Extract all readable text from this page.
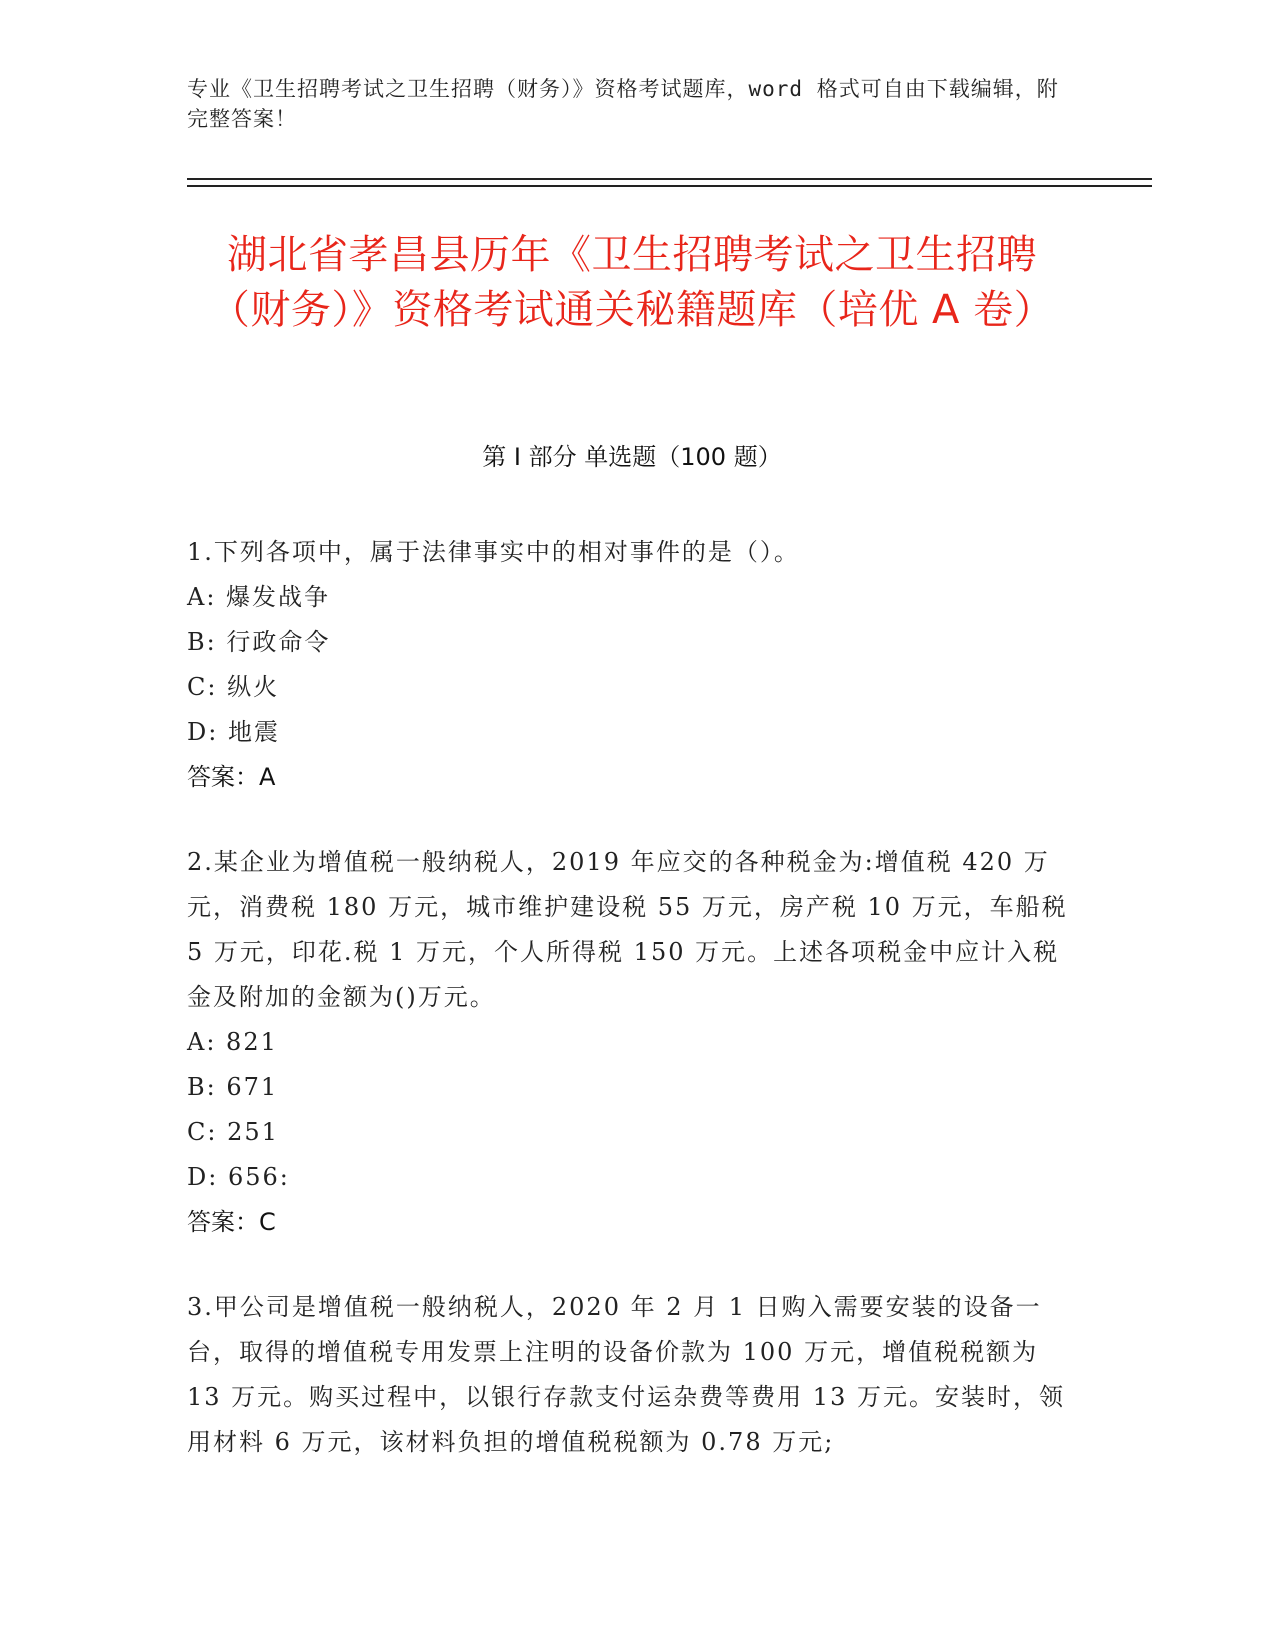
专业《卫生招聘考试之卫生招聘（财务）》资格考试题库，word 格式可自由下载编辑，附完整答案！
湖北省孝昌县历年《卫生招聘考试之卫生招聘（财务）》资格考试通关秘籍题库（培优 A 卷）
第 I 部分 单选题（100 题）
1.下列各项中，属于法律事实中的相对事件的是（）。
A: 爆发战争
B: 行政命令
C: 纵火
D: 地震
答案：A
2.某企业为增值税一般纳税人，2019 年应交的各种税金为:增值税 420 万元，消费税 180 万元，城市维护建设税 55 万元，房产税 10 万元，车船税 5 万元，印花.税 1 万元，个人所得税 150 万元。上述各项税金中应计入税金及附加的金额为()万元。
A: 821
B: 671
C: 251
D: 656:
答案：C
3.甲公司是增值税一般纳税人，2020 年 2 月 1 日购入需要安装的设备一台，取得的增值税专用发票上注明的设备价款为 100 万元，增值税税额为 13 万元。购买过程中，以银行存款支付运杂费等费用 13 万元。安装时，领用材料 6 万元，该材料负担的增值税税额为 0.78 万元;
